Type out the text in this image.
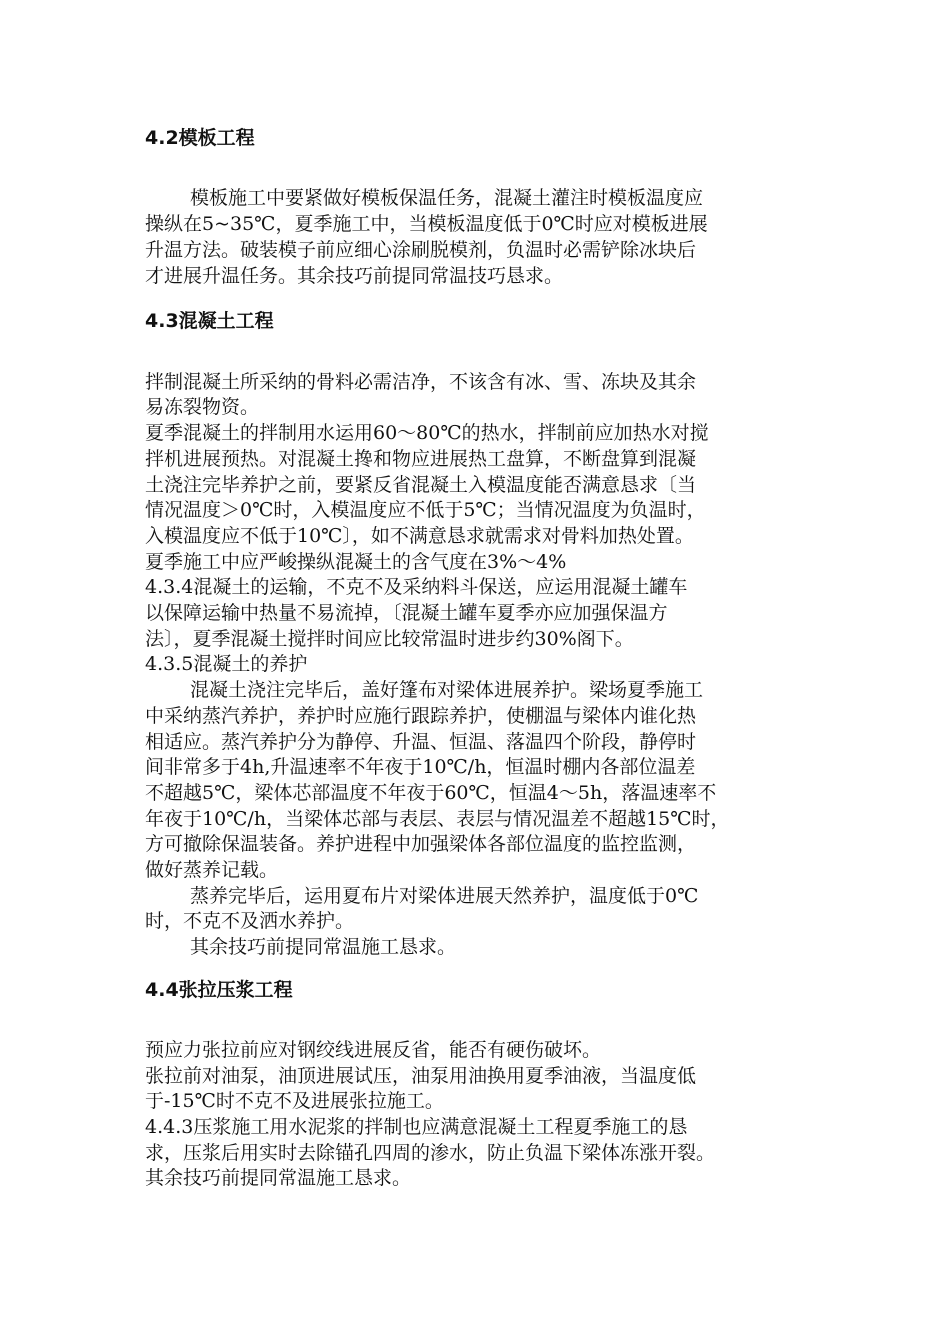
4.2模板工程
模板施工中要紧做好模板保温任务，混凝土灌注时模板温度应
操纵在5~35℃，夏季施工中，当模板温度低于0℃时应对模板进展
升温方法。破装模子前应细心涂刷脱模剂，负温时必需铲除冰块后
才进展升温任务。其余技巧前提同常温技巧恳求。
4.3混凝土工程
拌制混凝土所采纳的骨料必需洁净，不该含有冰、雪、冻块及其余
易冻裂物资。
夏季混凝土的拌制用水运用60～80℃的热水，拌制前应加热水对搅
拌机进展预热。对混凝土搀和物应进展热工盘算，不断盘算到混凝
土浇注完毕养护之前，要紧反省混凝土入模温度能否满意恳求〔当
情况温度＞0℃时，入模温度应不低于5℃；当情况温度为负温时，
入模温度应不低于10℃〕，如不满意恳求就需求对骨料加热处置。
夏季施工中应严峻操纵混凝土的含气度在3%～4%
4.3.4混凝土的运输，不克不及采纳料斗保送，应运用混凝土罐车
以保障运输中热量不易流掉，〔混凝土罐车夏季亦应加强保温方
法〕，夏季混凝土搅拌时间应比较常温时进步约30%阁下。
4.3.5混凝土的养护
混凝土浇注完毕后，盖好篷布对梁体进展养护。梁场夏季施工
中采纳蒸汽养护，养护时应施行跟踪养护，使棚温与梁体内谁化热
相适应。蒸汽养护分为静停、升温、恒温、落温四个阶段，静停时
间非常多于4h,升温速率不年夜于10℃/h，恒温时棚内各部位温差
不超越5℃，梁体芯部温度不年夜于60℃，恒温4～5h，落温速率不
年夜于10℃/h，当梁体芯部与表层、表层与情况温差不超越15℃时，
方可撤除保温装备。养护进程中加强梁体各部位温度的监控监测，
做好蒸养记载。
蒸养完毕后，运用夏布片对梁体进展天然养护，温度低于0℃
时，不克不及洒水养护。
其余技巧前提同常温施工恳求。
4.4张拉压浆工程
预应力张拉前应对钢绞线进展反省，能否有硬伤破坏。
张拉前对油泵，油顶进展试压，油泵用油换用夏季油液，当温度低
于-15℃时不克不及进展张拉施工。
4.4.3压浆施工用水泥浆的拌制也应满意混凝土工程夏季施工的恳
求，压浆后用实时去除锚孔四周的渗水，防止负温下梁体冻涨开裂。
其余技巧前提同常温施工恳求。
